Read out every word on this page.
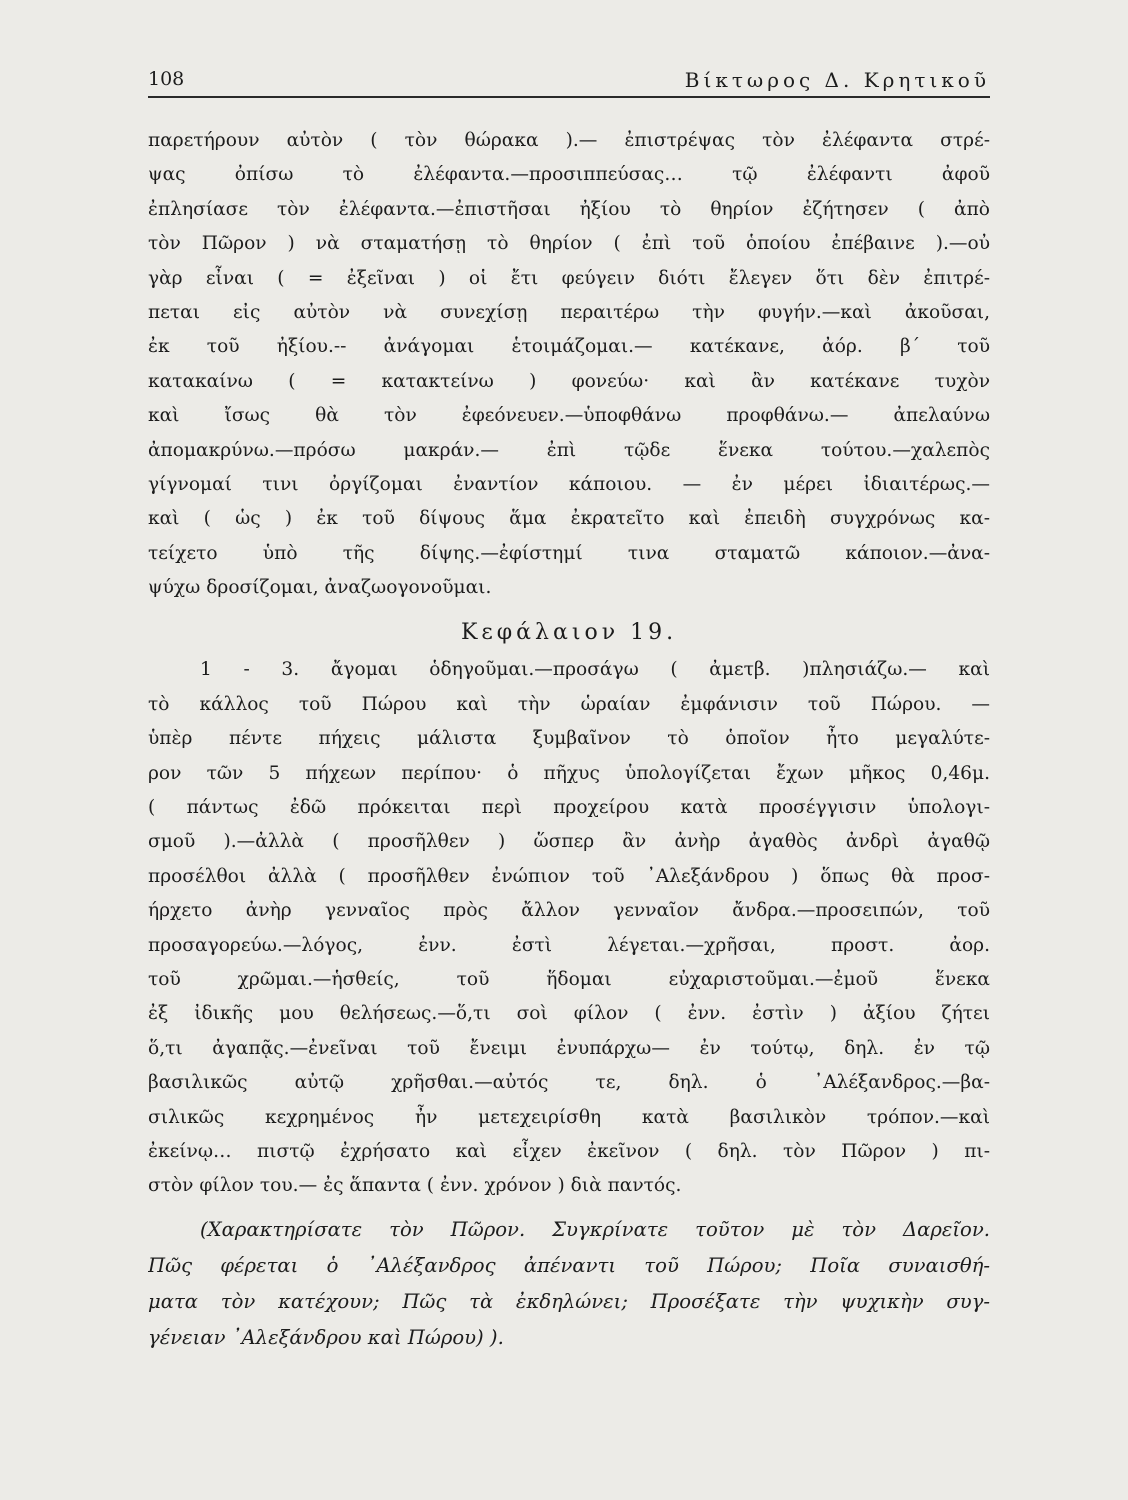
108	Βίκτωρος Δ. Κρητικοῦ
παρετήρουν αὐτὸν ( τὸν θώρακα ).— ἐπιστρέψας τὸν ἐλέφαντα στρέ-
ψας ὀπίσω τὸ ἐλέφαντα.—προσιππεύσας… τῷ ἐλέφαντι ἀφοῦ
ἐπλησίασε τὸν ἐλέφαντα.—ἐπιστῆσαι ἠξίου τὸ θηρίον ἐζήτησεν ( ἀπὸ
τὸν Πῶρον ) νὰ σταματήσῃ τὸ θηρίον ( ἐπὶ τοῦ ὁποίου ἐπέβαινε ).—οὐ
γὰρ εἶναι ( = ἐξεῖναι ) οἱ ἔτι φεύγειν διότι ἔλεγεν ὅτι δὲν ἐπιτρέ-
πεται εἰς αὐτὸν νὰ συνεχίσῃ περαιτέρω τὴν φυγήν.—καὶ ἀκοῦσαι,
ἐκ τοῦ ἠξίου.-- ἀνάγομαι ἑτοιμάζομαι.— κατέκανε, ἀόρ. β΄ τοῦ
κατακαίνω ( = κατακτείνω ) φονεύω· καὶ ἂν κατέκανε τυχὸν
καὶ ἴσως θὰ τὸν ἐφεόνευεν.—ὑποφθάνω προφθάνω.— ἀπελαύνω
ἀπομακρύνω.—πρόσω μακράν.— ἐπὶ τῷδε ἕνεκα τούτου.—χαλεπὸς
γίγνομαί τινι ὀργίζομαι ἐναντίον κάποιου. — ἐν μέρει ἰδιαιτέρως.—
καὶ ( ὡς ) ἐκ τοῦ δίψους ἅμα ἐκρατεῖτο καὶ ἐπειδὴ συγχρόνως κα-
τείχετο ὑπὸ τῆς δίψης.—ἐφίστημί τινα σταματῶ κάποιον.—ἀνα-
ψύχω δροσίζομαι, ἀναζωογονοῦμαι.
Κεφάλαιον 19.
1 - 3. ἄγομαι ὁδηγοῦμαι.—προσάγω ( ἀμετβ. )πλησιάζω.— καὶ
τὸ κάλλος τοῦ Πώρου καὶ τὴν ὡραίαν ἐμφάνισιν τοῦ Πώρου. —
ὑπὲρ πέντε πήχεις μάλιστα ξυμβαῖνον τὸ ὁποῖον ἦτο μεγαλύτε-
ρον τῶν 5 πήχεων περίπου· ὁ πῆχυς ὑπολογίζεται ἔχων μῆκος 0,46μ.
( πάντως ἐδῶ πρόκειται περὶ προχείρου κατὰ προσέγγισιν ὑπολογι-
σμοῦ ).—ἀλλὰ ( προσῆλθεν ) ὥσπερ ἂν ἀνὴρ ἀγαθὸς ἀνδρὶ ἀγαθῷ
προσέλθοι ἀλλὰ ( προσῆλθεν ἐνώπιον τοῦ ᾿Αλεξάνδρου ) ὅπως θὰ προσ-
ήρχετο ἀνὴρ γενναῖος πρὸς ἄλλον γενναῖον ἄνδρα.—προσειπών, τοῦ
προσαγορεύω.—λόγος, ἐνν. ἐστὶ λέγεται.—χρῆσαι, προστ. ἀορ.
τοῦ χρῶμαι.—ἡσθείς, τοῦ ἥδομαι εὐχαριστοῦμαι.—ἐμοῦ ἕνεκα
ἐξ ἰδικῆς μου θελήσεως.—ὅ,τι σοὶ φίλον ( ἐνν. ἐστὶν ) ἀξίου ζήτει
ὅ,τι ἀγαπᾷς.—ἐνεῖναι τοῦ ἔνειμι ἐνυπάρχω— ἐν τούτῳ, δηλ. ἐν τῷ
βασιλικῶς αὐτῷ χρῆσθαι.—αὐτός τε, δηλ. ὁ ᾿Αλέξανδρος.—βα-
σιλικῶς κεχρημένος ἦν μετεχειρίσθη κατὰ βασιλικὸν τρόπον.—καὶ
ἐκείνῳ… πιστῷ ἐχρήσατο καὶ εἶχεν ἐκεῖνον ( δηλ. τὸν Πῶρον ) πι-
στὸν φίλον του.— ἐς ἅπαντα ( ἐνν. χρόνον ) διὰ παντός.
(Χαρακτηρίσατε τὸν Πῶρον. Συγκρίνατε τοῦτον μὲ τὸν Δαρεῖον.
Πῶς φέρεται ὁ ᾿Αλέξανδρος ἀπέναντι τοῦ Πώρου; Ποῖα συναισθή-
ματα τὸν κατέχουν; Πῶς τὰ ἐκδηλώνει; Προσέξατε τὴν ψυχικὴν συγ-
γένειαν ᾿Αλεξάνδρου καὶ Πώρου) ).
